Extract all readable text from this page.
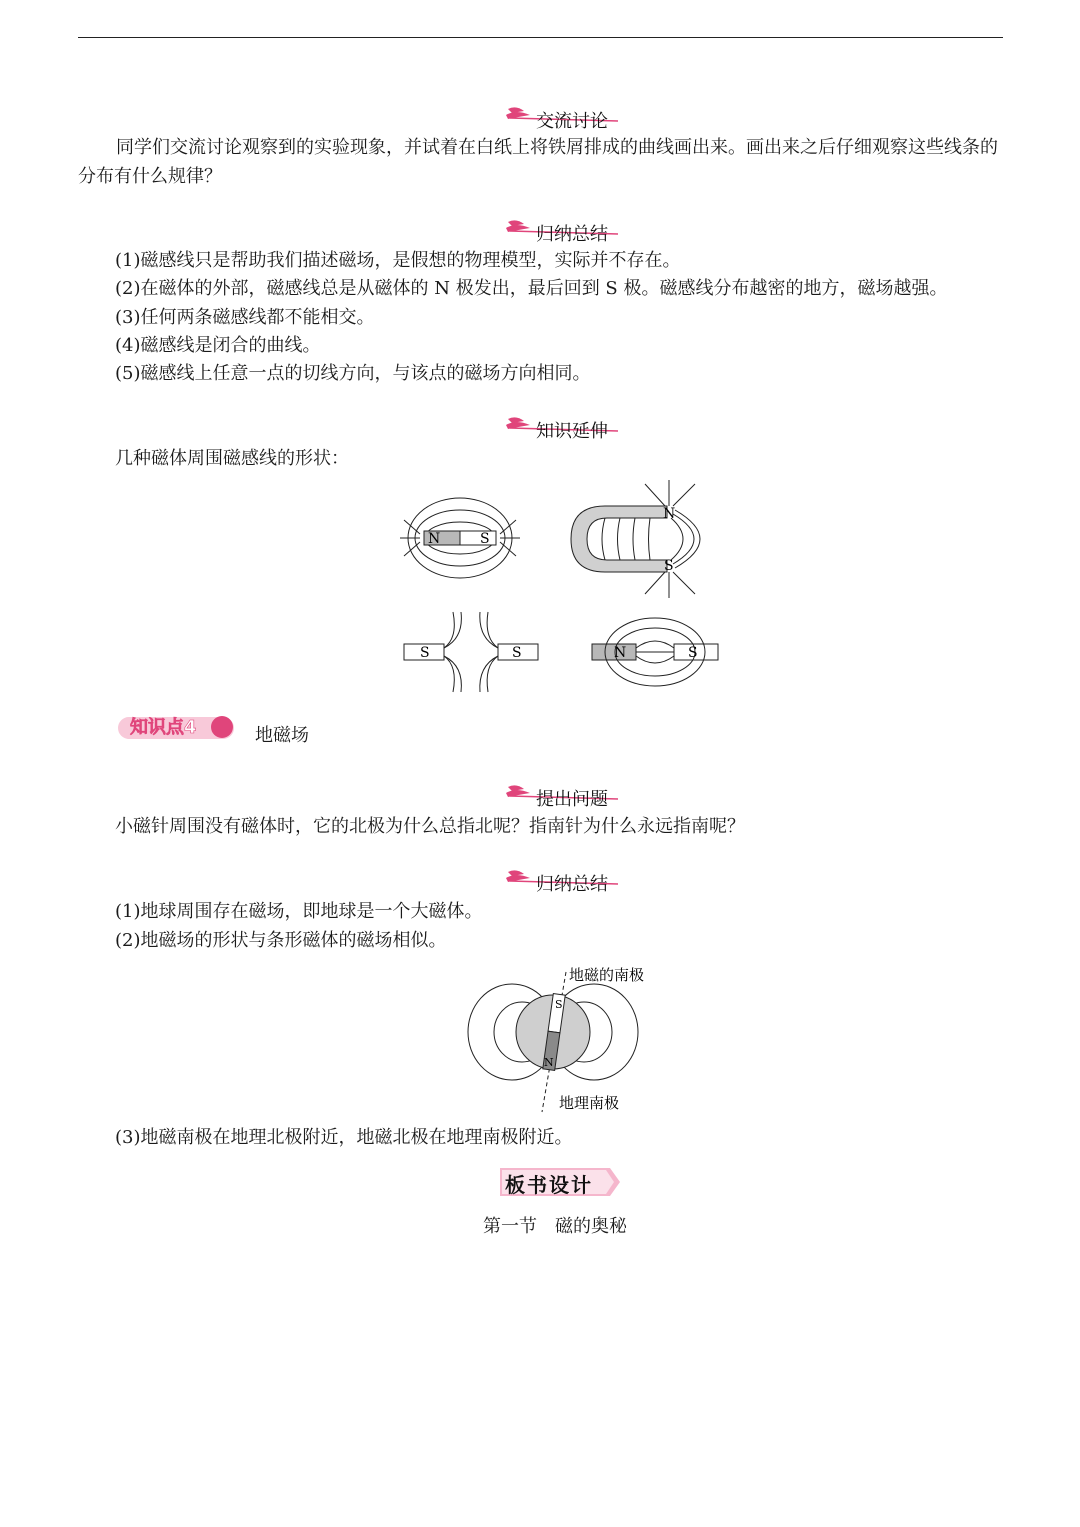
交流讨论
同学们交流讨论观察到的实验现象，并试着在白纸上将铁屑排成的曲线画出来。画出来之后仔细观察这些线条的分布有什么规律？
归纳总结
(1)磁感线只是帮助我们描述磁场，是假想的物理模型，实际并不存在。
(2)在磁体的外部，磁感线总是从磁体的 N 极发出，最后回到 S 极。磁感线分布越密的地方，磁场越强。
(3)任何两条磁感线都不能相交。
(4)磁感线是闭合的曲线。
(5)磁感线上任意一点的切线方向，与该点的磁场方向相同。
知识延伸
几种磁体周围磁感线的形状：
N	S
N
S
S	S	N	S
知识点4	地磁场
提出问题
小磁针周围没有磁体时，它的北极为什么总指北呢？指南针为什么永远指南呢？
归纳总结
(1)地球周围存在磁场，即地球是一个大磁体。
(2)地磁场的形状与条形磁体的磁场相似。
S
N
地磁的南极
地理南极
(3)地磁南极在地理北极附近，地磁北极在地理南极附近。
板书设计
第一节　磁的奥秘
